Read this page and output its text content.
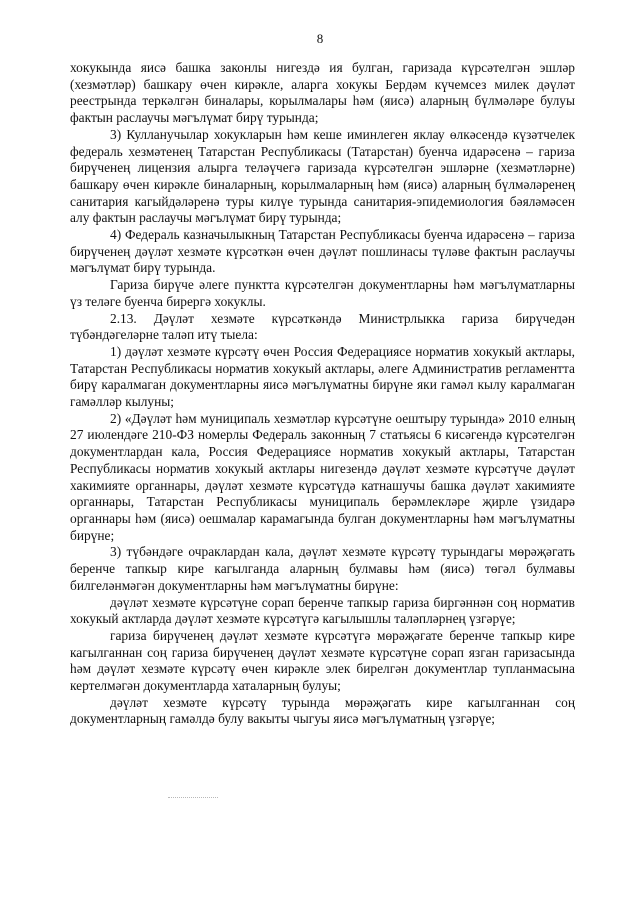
8

хокукында яисә башка законлы нигездә ия булган, гаризада күрсәтелгән эшләр (хезмәтләр) башкару өчен кирәкле, аларга хокукы Бердәм күчемсез милек дәүләт реестрында теркәлгән биналары, корылмалары һәм (яисә) аларның бүлмәләре булуы фактын раслаучы мәгълүмат бирү турында;

3) Кулланучылар хокукларын һәм кеше иминлеген яклау өлкәсендә күзәтчелек федераль хезмәтенең Татарстан Республикасы (Татарстан) буенча идарәсенә – гариза бирүченең лицензия алырга теләүчегә гаризада күрсәтелгән эшләрне (хезмәтләрне) башкару өчен кирәкле биналарның, корылмаларның һәм (яисә) аларның бүлмәләренең санитария кагыйдәләренә туры килүе турында санитария-эпидемиология бәяләмәсен алу фактын раслаучы мәгълүмат бирү турында;

4) Федераль казначылыкның Татарстан Республикасы буенча идарәсенә – гариза бирүченең дәүләт хезмәте күрсәткән өчен дәүләт пошлинасы түләве фактын раслаучы мәгълүмат бирү турында.

Гариза бирүче әлеге пунктта күрсәтелгән документларны һәм мәгълүматларны үз теләге буенча бирергә хокуклы.

2.13. Дәүләт хезмәте күрсәткәндә Министрлыкка гариза бирүчедән түбәндәгеләрне таләп итү тыела:

1) дәүләт хезмәте күрсәтү өчен Россия Федерациясе норматив хокукый актлары, Татарстан Республикасы норматив хокукый актлары, әлеге Административ регламентта бирү каралмаган документларны яисә мәгълүматны бирүне яки гамәл кылу каралмаган гамәлләр кылуны;

2) «Дәүләт һәм муниципаль хезмәтләр күрсәтүне оештыру турында» 2010 елның 27 июлендәге 210-ФЗ номерлы Федераль законның 7 статьясы 6 кисәгендә күрсәтелгән документлардан кала, Россия Федерациясе норматив хокукый актлары, Татарстан Республикасы норматив хокукый актлары нигезендә дәүләт хезмәте күрсәтүче дәүләт хакимияте органнары, дәүләт хезмәте күрсәтүдә катнашучы башка дәүләт хакимияте органнары, Татарстан Республикасы муниципаль берәмлекләре җирле үзидарә органнары һәм (яисә) оешмалар карамагында булган документларны һәм мәгълүматны бирүне;

3) түбәндәге очраклардан кала, дәүләт хезмәте күрсәтү турындагы мөрәҗәгать беренче тапкыр кире кагылганда аларның булмавы һәм (яисә) төгәл булмавы билгеләнмәгән документларны һәм мәгълүматны бирүне:

дәүләт хезмәте күрсәтүне сорап беренче тапкыр гариза биргәннән соң норматив хокукый актларда дәүләт хезмәте күрсәтүгә кагылышлы таләпләрнең үзгәрүе;

гариза бирүченең дәүләт хезмәте күрсәтүгә мөрәҗәгате беренче тапкыр кире кагылганнан соң гариза бирүченең дәүләт хезмәте күрсәтүне сорап язган гаризасында һәм дәүләт хезмәте күрсәтү өчен кирәкле элек бирелгән документлар тупланмасына кертелмәгән документларда хаталарның булуы;

дәүләт хезмәте күрсәтү турында мөрәҗәгать кире кагылганнан соң документларның гамәлдә булу вакыты чыгуы яисә мәгълүматның үзгәрүе;
